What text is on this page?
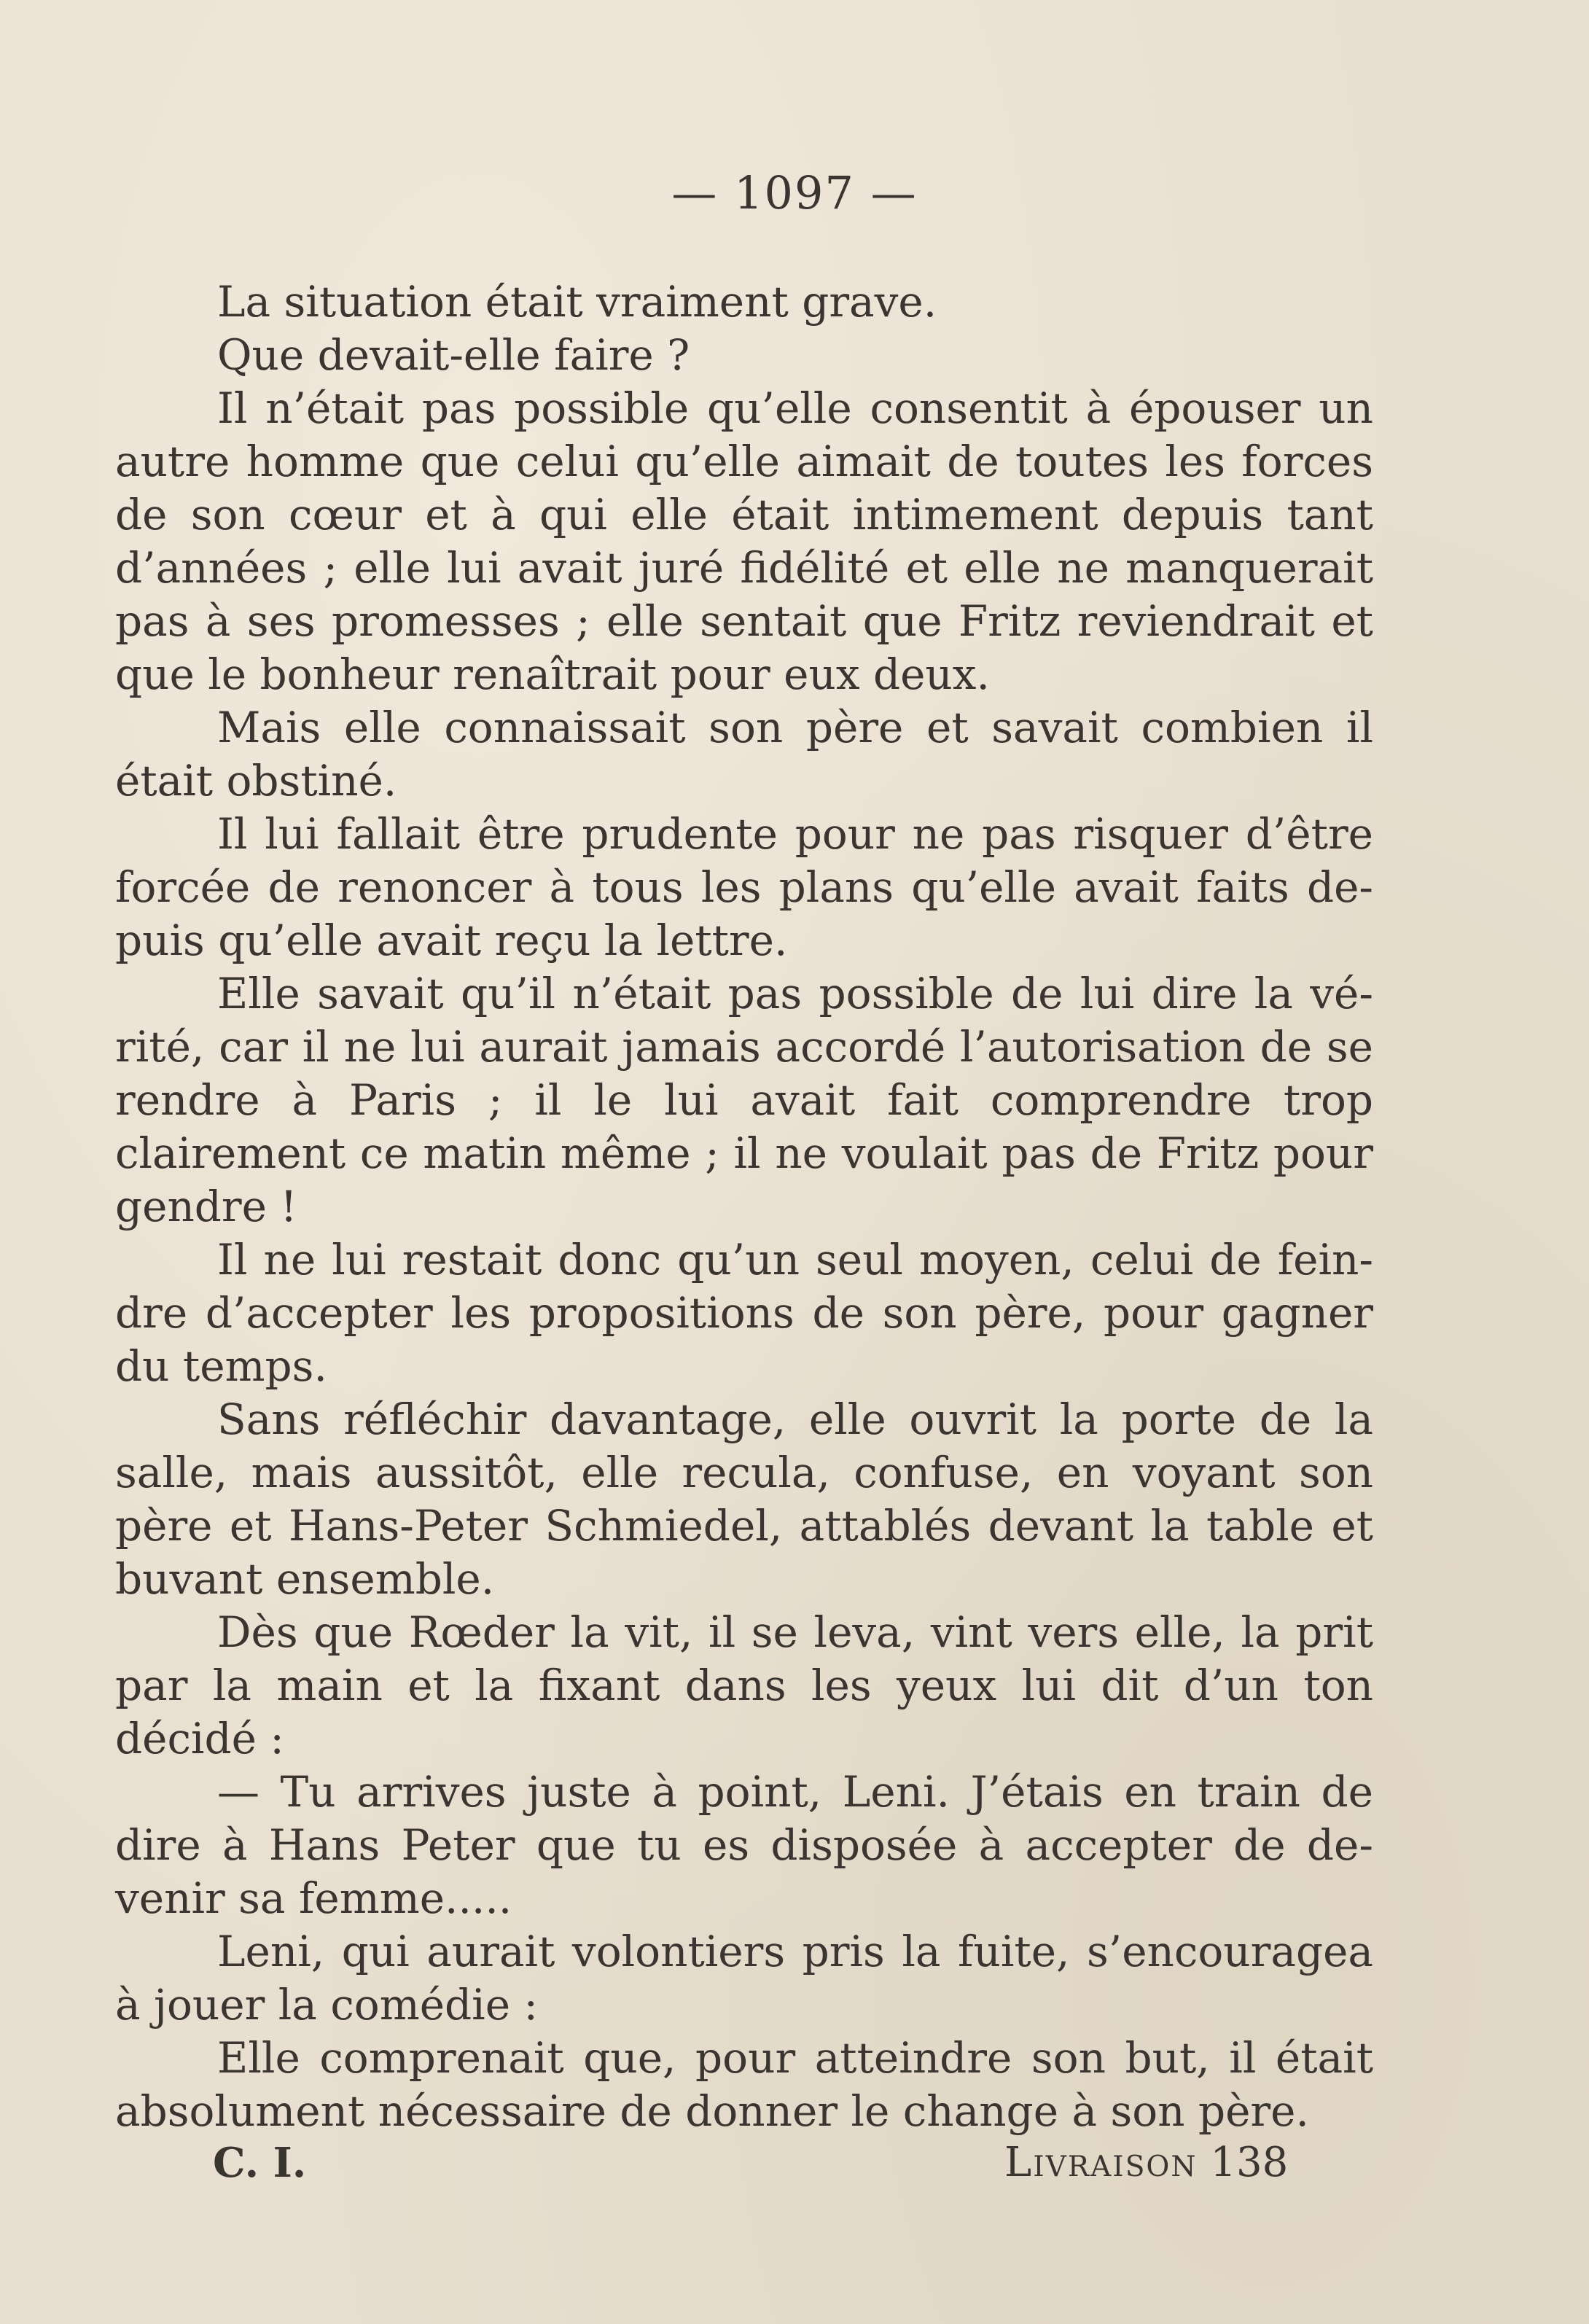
— 1097 —

La situation était vraiment grave.

Que devait-elle faire ?

Il n’était pas possible qu’elle consentit à épouser un autre homme que celui qu’elle aimait de toutes les forces de son cœur et à qui elle était intimement depuis tant d’années ; elle lui avait juré fidélité et elle ne manquerait pas à ses promesses ; elle sentait que Fritz reviendrait et que le bonheur renaîtrait pour eux deux.

Mais elle connaissait son père et savait combien il était obstiné.

Il lui fallait être prudente pour ne pas risquer d’être forcée de renoncer à tous les plans qu’elle avait faits depuis qu’elle avait reçu la lettre.

Elle savait qu’il n’était pas possible de lui dire la vérité, car il ne lui aurait jamais accordé l’autorisation de se rendre à Paris ; il le lui avait fait comprendre trop clairement ce matin même ; il ne voulait pas de Fritz pour gendre !

Il ne lui restait donc qu’un seul moyen, celui de feindre d’accepter les propositions de son père, pour gagner du temps.

Sans réfléchir davantage, elle ouvrit la porte de la salle, mais aussitôt, elle recula, confuse, en voyant son père et Hans-Peter Schmiedel, attablés devant la table et buvant ensemble.

Dès que Rœder la vit, il se leva, vint vers elle, la prit par la main et la fixant dans les yeux lui dit d’un ton décidé :

— Tu arrives juste à point, Leni. J’étais en train de dire à Hans Peter que tu es disposée à accepter de devenir sa femme.....

Leni, qui aurait volontiers pris la fuite, s’encouragea à jouer la comédie :

Elle comprenait que, pour atteindre son but, il était absolument nécessaire de donner le change à son père.

C. I.	Livraison 138
